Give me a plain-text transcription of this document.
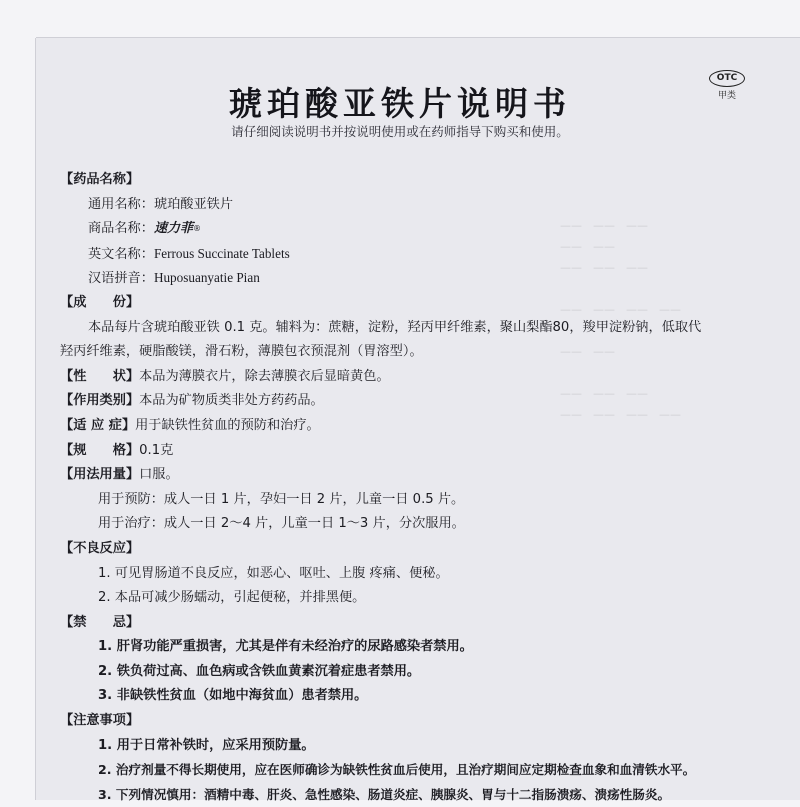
——　——　——
——　——
——　——　——

——　——　——　——

——　——

——　——　——
——　——　——　——
琥珀酸亚铁片说明书
请仔细阅读说明书并按说明使用或在药师指导下购买和使用。
OTC
甲类
【药品名称】
通用名称：琥珀酸亚铁片
商品名称：速力菲®
英文名称：Ferrous Succinate Tablets
汉语拼音：Huposuanyatie Pian
【成　　份】
本品每片含琥珀酸亚铁 0.1 克。辅料为：蔗糖，淀粉，羟丙甲纤维素，聚山梨酯80，羧甲淀粉钠，低取代
羟丙纤维素，硬脂酸镁，滑石粉，薄膜包衣预混剂（胃溶型）。
【性　　状】本品为薄膜衣片，除去薄膜衣后显暗黄色。
【作用类别】本品为矿物质类非处方药药品。
【适 应 症】用于缺铁性贫血的预防和治疗。
【规　　格】0.1克
【用法用量】口服。
用于预防：成人一日 1 片，孕妇一日 2 片，儿童一日 0.5 片。
用于治疗：成人一日 2～4 片，儿童一日 1～3 片，分次服用。
【不良反应】
1. 可见胃肠道不良反应，如恶心、呕吐、上腹 疼痛、便秘。
2. 本品可减少肠蠕动，引起便秘，并排黑便。
【禁　　忌】
1. 肝肾功能严重损害，尤其是伴有未经治疗的尿路感染者禁用。
2. 铁负荷过高、血色病或含铁血黄素沉着症患者禁用。
3. 非缺铁性贫血（如地中海贫血）患者禁用。
【注意事项】
1. 用于日常补铁时，应采用预防量。
2. 治疗剂量不得长期使用，应在医师确诊为缺铁性贫血后使用，且治疗期间应定期检查血象和血清铁水平。
3. 下列情况慎用：酒精中毒、肝炎、急性感染、肠道炎症、胰腺炎、胃与十二指肠溃疡、溃疡性肠炎。
